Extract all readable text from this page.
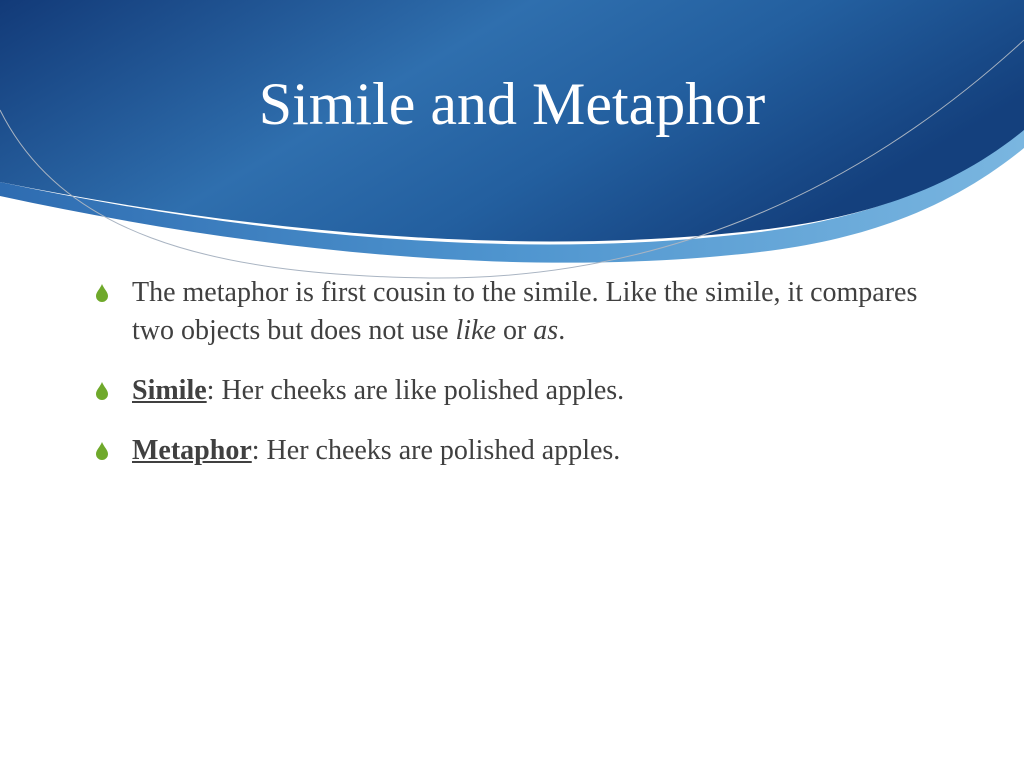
Simile and Metaphor
The metaphor is first cousin to the simile. Like the simile, it compares two objects but does not use like or as.
Simile: Her cheeks are like polished apples.
Metaphor: Her cheeks are polished apples.
